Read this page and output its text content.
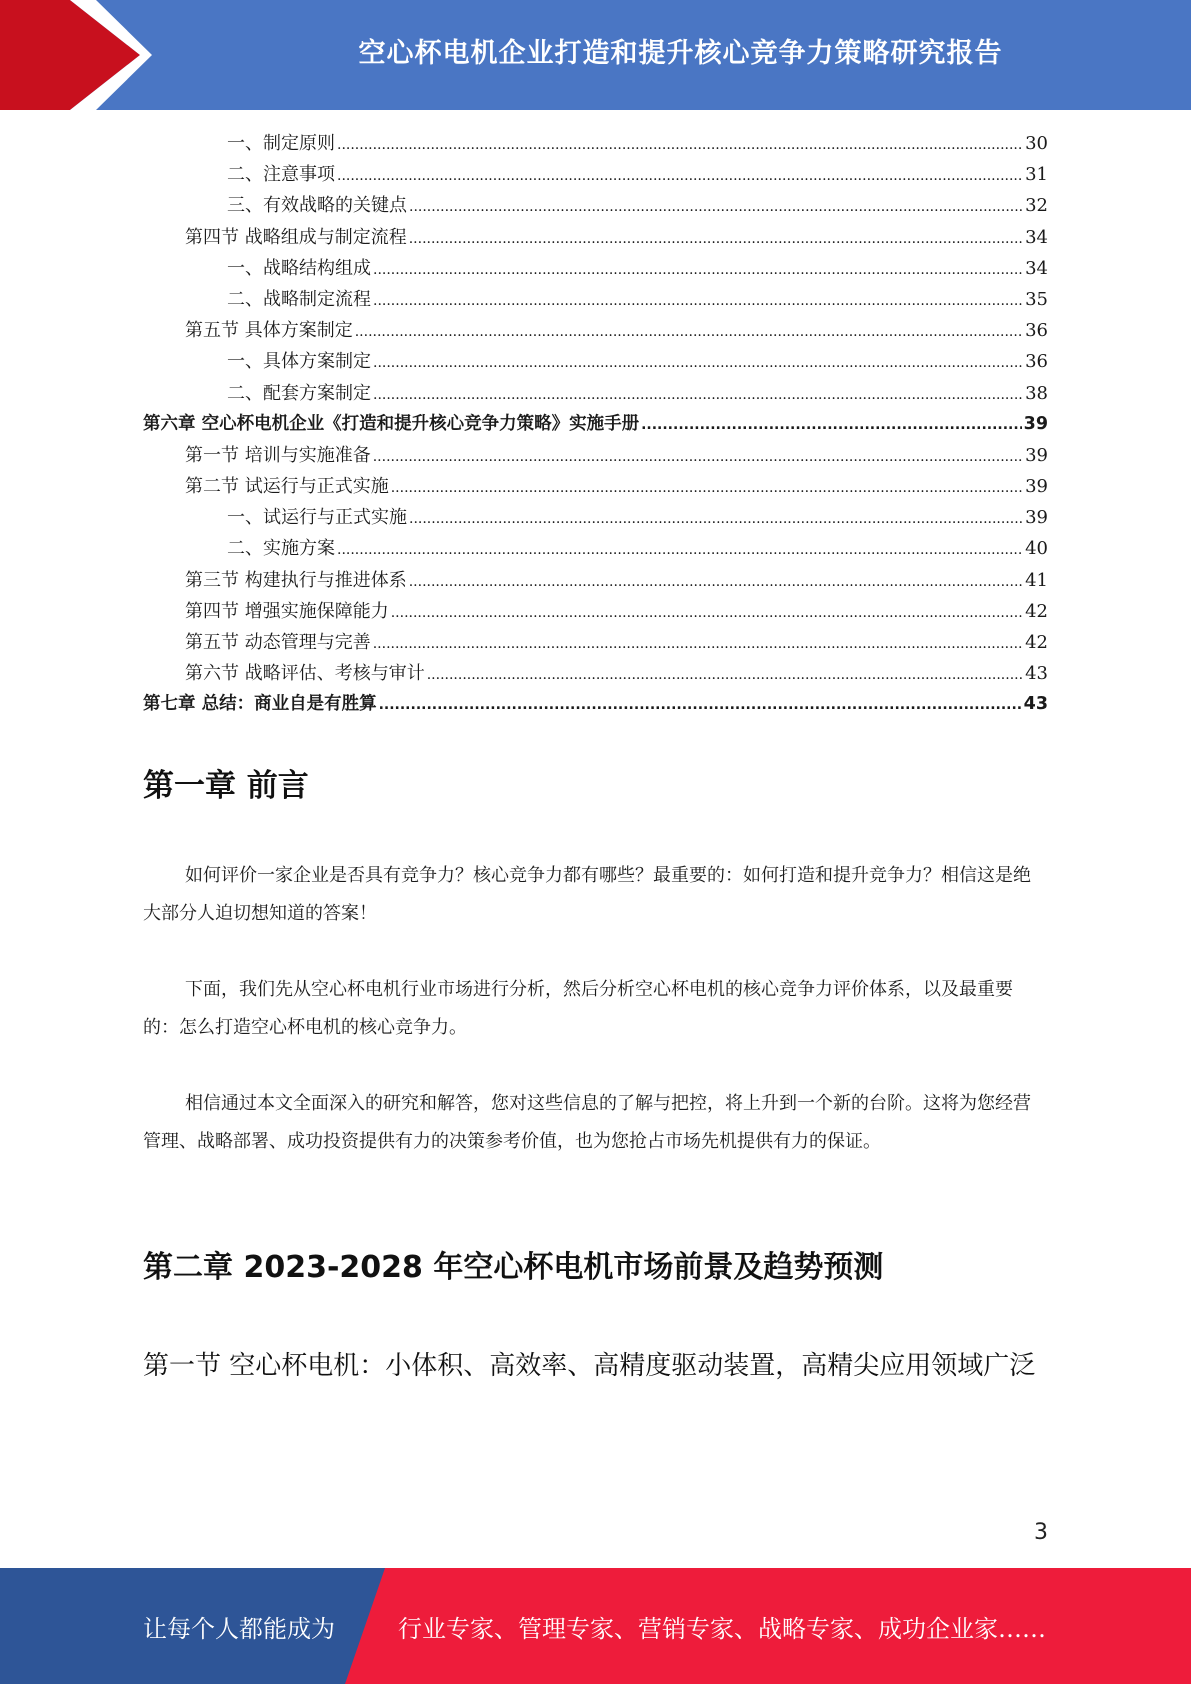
空心杯电机企业打造和提升核心竞争力策略研究报告
一、制定原则 .....	30
二、注意事项 .....	31
三、有效战略的关键点 .....	32
第四节 战略组成与制定流程 .....	34
一、战略结构组成 .....	34
二、战略制定流程 .....	35
第五节 具体方案制定 .....	36
一、具体方案制定 .....	36
二、配套方案制定 .....	38
第六章 空心杯电机企业《打造和提升核心竞争力策略》实施手册 .....	39
第一节 培训与实施准备 .....	39
第二节 试运行与正式实施 .....	39
一、试运行与正式实施 .....	39
二、实施方案 .....	40
第三节 构建执行与推进体系 .....	41
第四节 增强实施保障能力 .....	42
第五节 动态管理与完善 .....	42
第六节 战略评估、考核与审计 .....	43
第七章 总结：商业自是有胜算 .....	43
第一章 前言
如何评价一家企业是否具有竞争力？核心竞争力都有哪些？最重要的：如何打造和提升竞争力？相信这是绝大部分人迫切想知道的答案！
下面，我们先从空心杯电机行业市场进行分析，然后分析空心杯电机的核心竞争力评价体系，以及最重要的：怎么打造空心杯电机的核心竞争力。
相信通过本文全面深入的研究和解答，您对这些信息的了解与把控，将上升到一个新的台阶。这将为您经营管理、战略部署、成功投资提供有力的决策参考价值，也为您抢占市场先机提供有力的保证。
第二章 2023-2028 年空心杯电机市场前景及趋势预测
第一节 空心杯电机：小体积、高效率、高精度驱动装置，高精尖应用领域广泛
3
让每个人都能成为	行业专家、管理专家、营销专家、战略专家、成功企业家……
